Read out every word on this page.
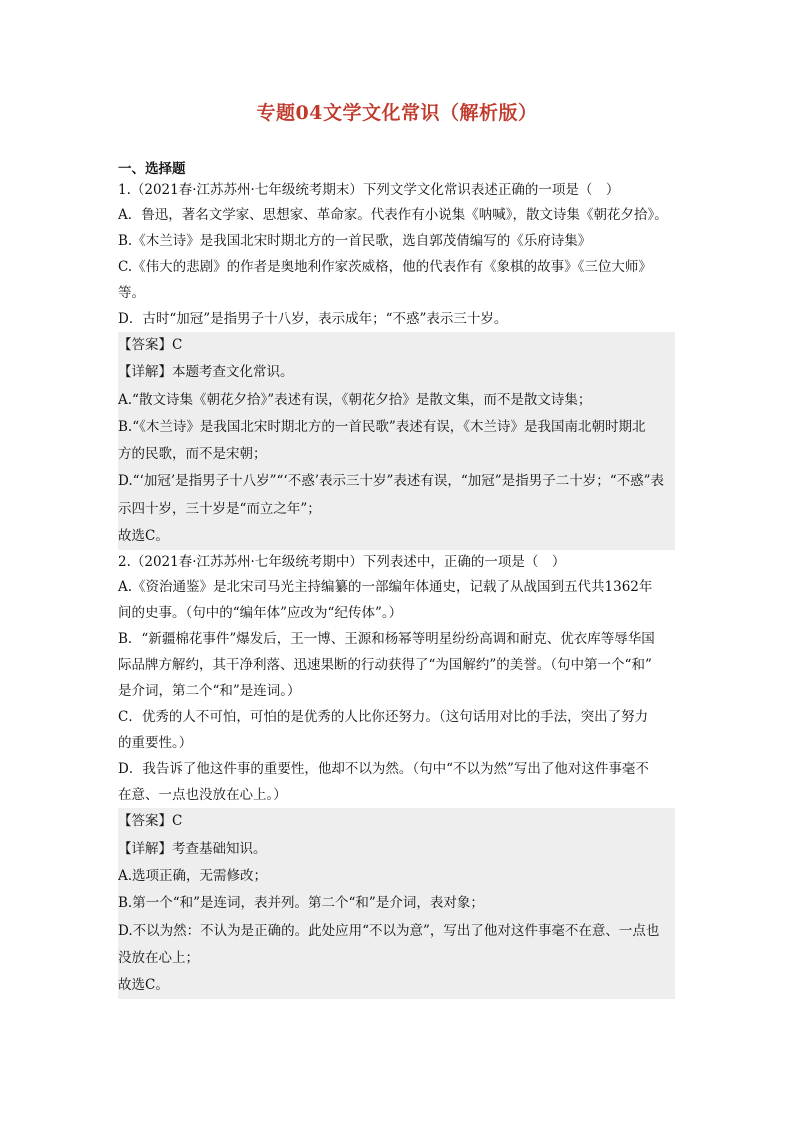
专题04文学文化常识（解析版）
一、选择题
1.（2021春·江苏苏州·七年级统考期末）下列文学文化常识表述正确的一项是（　）
A．鲁迅，著名文学家、思想家、革命家。代表作有小说集《呐喊》，散文诗集《朝花夕拾》。
B.《木兰诗》是我国北宋时期北方的一首民歌，选自郭茂倩编写的《乐府诗集》
C.《伟大的悲剧》的作者是奥地利作家茨威格，他的代表作有《象棋的故事》《三位大师》
等。
D．古时“加冠”是指男子十八岁，表示成年；“不惑”表示三十岁。
【答案】C
【详解】本题考查文化常识。
A.“散文诗集《朝花夕拾》”表述有误，《朝花夕拾》是散文集，而不是散文诗集；
B.“《木兰诗》是我国北宋时期北方的一首民歌”表述有误，《木兰诗》是我国南北朝时期北
方的民歌，而不是宋朝；
D.“‘加冠’是指男子十八岁”“‘不惑’表示三十岁”表述有误，“加冠”是指男子二十岁；“不惑”表
示四十岁，三十岁是“而立之年”；
故选C。
2.（2021春·江苏苏州·七年级统考期中）下列表述中，正确的一项是（　）
A.《资治通鉴》是北宋司马光主持编纂的一部编年体通史，记载了从战国到五代共1362年
间的史事。（句中的“编年体”应改为“纪传体”。）
B．“新疆棉花事件”爆发后，王一博、王源和杨幂等明星纷纷高调和耐克、优衣库等辱华国
际品牌方解约，其干净利落、迅速果断的行动获得了“为国解约”的美誉。（句中第一个“和”
是介词，第二个“和”是连词。）
C．优秀的人不可怕，可怕的是优秀的人比你还努力。（这句话用对比的手法，突出了努力
的重要性。）
D．我告诉了他这件事的重要性，他却不以为然。（句中“不以为然”写出了他对这件事毫不
在意、一点也没放在心上。）
【答案】C
【详解】考查基础知识。
A.选项正确，无需修改；
B.第一个“和”是连词，表并列。第二个“和”是介词，表对象；
D.不以为然：不认为是正确的。此处应用“不以为意”，写出了他对这件事毫不在意、一点也
没放在心上；
故选C。
